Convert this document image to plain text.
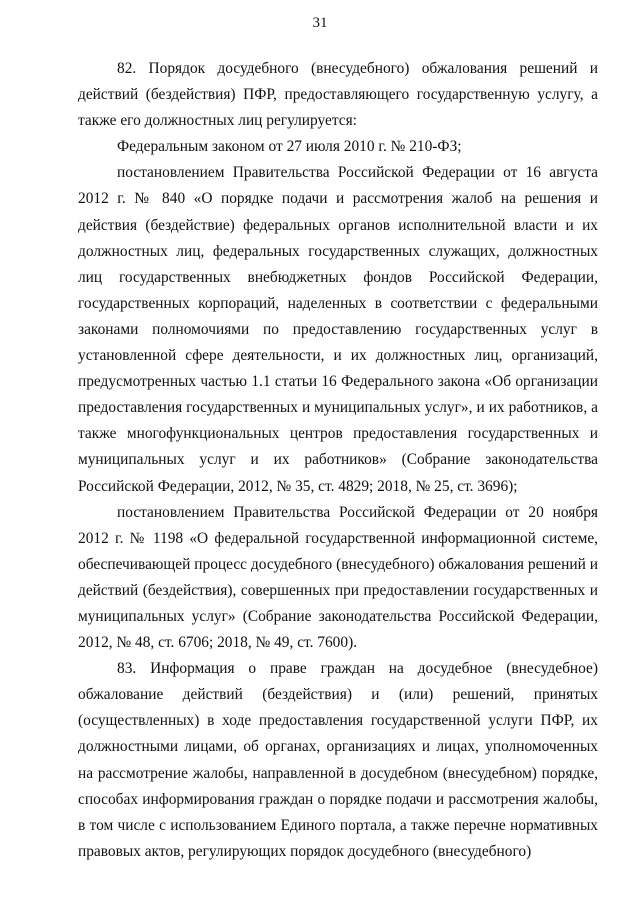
31

82. Порядок досудебного (внесудебного) обжалования решений и действий (бездействия) ПФР, предоставляющего государственную услугу, а также его должностных лиц регулируется:

Федеральным законом от 27 июля 2010 г. № 210-ФЗ;

постановлением Правительства Российской Федерации от 16 августа 2012 г. № 840 «О порядке подачи и рассмотрения жалоб на решения и действия (бездействие) федеральных органов исполнительной власти и их должностных лиц, федеральных государственных служащих, должностных лиц государственных внебюджетных фондов Российской Федерации, государственных корпораций, наделенных в соответствии с федеральными законами полномочиями по предоставлению государственных услуг в установленной сфере деятельности, и их должностных лиц, организаций, предусмотренных частью 1.1 статьи 16 Федерального закона «Об организации предоставления государственных и муниципальных услуг», и их работников, а также многофункциональных центров предоставления государственных и муниципальных услуг и их работников» (Собрание законодательства Российской Федерации, 2012, № 35, ст. 4829; 2018, № 25, ст. 3696);

постановлением Правительства Российской Федерации от 20 ноября 2012 г. № 1198 «О федеральной государственной информационной системе, обеспечивающей процесс досудебного (внесудебного) обжалования решений и действий (бездействия), совершенных при предоставлении государственных и муниципальных услуг» (Собрание законодательства Российской Федерации, 2012, № 48, ст. 6706; 2018, № 49, ст. 7600).

83. Информация о праве граждан на досудебное (внесудебное) обжалование действий (бездействия) и (или) решений, принятых (осуществленных) в ходе предоставления государственной услуги ПФР, их должностными лицами, об органах, организациях и лицах, уполномоченных на рассмотрение жалобы, направленной в досудебном (внесудебном) порядке, способах информирования граждан о порядке подачи и рассмотрения жалобы, в том числе с использованием Единого портала, а также перечне нормативных правовых актов, регулирующих порядок досудебного (внесудебного)
